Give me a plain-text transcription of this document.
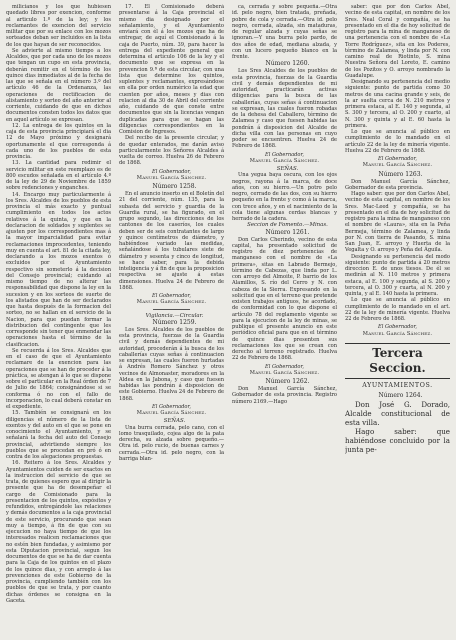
milicianos y los que hubiesen quedado libres por exencion, conforme al articulo 1.º de la ley; y los reclamantes de exencion del servicio militar que por su enlace con los mozos sorteados deban ser incluidos en la lista de los que hayan de ser reconocidos.

Se advierte al mismo tiempo a los Alcaldes, que por cada uno de los mozos que tengan un cupo en esta provincia, deberán remitir en el término de los quince dias inmediatos al de la fecha de las que se señala en el número 3.º del artículo 46 de la Ordenanza, las operaciones de rectificacion de alistamiento y sorteo del año anterior al corriente, cuidando de que en dichos documentos consten todos los datos que en aquel artículo se expresan.

12. La entrega de los quintos en la caja de esta provincia principiará el dia 12 de Mayo próximo y designará oportunamente el que corresponda á cada uno de los pueblos de esta provincia.

13. La cantidad para redimir el servicio militar en este reemplazo es de 800 escudos señalada en el artículo 4.º de la ley de 29 de Noviembre de 1859 sobre redenciones y enganches.

14. Encargo muy particularmente á los Sres. Alcaldes de los pueblos de esta provincia el más exacto y puntual cumplimiento en todos los actos relativos á la quinta, y que en la declaracion de soldados y suplentes se ajusten por los correspondientes mas á la mayor imparcialidad para evitar reclamaciones improcedentes, teniendo muy en cuenta el art. 81 de la citada ley, declarando a los mozos exentos ó excluidos por el Ayuntamiento respectivo sin someterlo á la decision del Consejo provincial; cuidando al mismo tiempo de no alterar las responsabilidad que dispone la ley en la sucesion y en los sorteos de suerte de los alistados que han de ser declarados que hasta después de la formacion del sorteo, no se hallan en el servicio de la Nacion, para que puedan formar la distribucion del contingente que les corresponde sin tener que enmendar las operaciones hasta el término de la clasificacion.

Se recuerda á los Sres. Alcaldes que en el caso de que el Ayuntamiento reclamare de la exencion para las operaciones que se han de proceder á la práctica, se atengan á lo que se dispone sobre el particular en la Real órden de 7 de Julio de 1864; consignándose si se conforma ó no con el fallo de incorporacion, lo cual deberá constar en el expediente.

15. También se consignará en los diligencias el número de la lista de exentos y del auto en el que se pone en conocimiento el Ayuntamiento, y se señalará la fecha del auto del Consejo provincial, advirtiendo siempre los pueblos que se procedan en pró ó en contra de los alegaciones propuestas.

16. Reitero á los Sres. Alcaldes y Ayuntamientos cuiden de ser exactos en la instruccion del servicio de que se trata, de quienes espero que al dirigir la presente que ha de desempeñar el cargo de Comisionado para la presentacion de los quintos, expósitos y refundidos, entregándole las relaciones y demás documentos a la caja provincial de este servicio, procurando que sean muy a tiempo, á fin de que con su ejecucion no haya tiempo de que los interesados realicen reclamaciones que no estén bien fundadas, y asimismo por esta Diputacion provincial, segun los documentos de que se ha de dar cuenta para la Caja de los quintos en el plazo de los quince dias, y con arreglo á las prevenciones de este Gobierno de la provincia, cumpliendo también con los pueblos de que se trata, y por cuanto dichas órdenes se consigna en la Gaceta.

17. El Comisionado deberá presentarse á la Caja provincial el mismo dia designado por el señalamiento, y el Ayuntamiento enviará con él á los mozos que ha de entregar, de aquí el Comisionado á la caja de Puerto, núm. 39, para hacer la entrega del expediente general que determina el artículo 106 de la ley y el documento que se expresa en la prevencion 9.ª de esta circular, con una lista que determine los quintos, suplentes y reclamantes, expresándose en ella por orden numérico la edad que cuenten por años, meses y dias con relacion al dia 30 de Abril del corriente año, cuidando de que conste entre documentos que sin la licencias vengan duplicadas para que se hagan las diligencias correspondientes en la Comision de Ingresos.

Del recibo de la presente circular, y de quedar enterados, me darán aviso particularmente los Señores Alcaldes á vuelta de correo. Huelva 26 de Febrero de 1868.

El Gobernador,
Manuel García Sánchez.

Número 1258.

En el anuncio inserto en el Boletín del 21 del corriente, núm. 135, para la subasta del servicio y guardia de la Guardia rural, se ha figurado, en el grupo segundo, las direcciones de los cantones de los caseríos, los cuales deben ser de seis contratantes de largo y quince centímetros de diámetro, y habiéndose variado las medidas, señalándose á los tubulares siete de diámetro y sesenta y cinco de longitud, se hace saber, para la debida inteligencia y á fin de que la proposicion respectiva se ajuste á estas dimensiones. Huelva 24 de Febrero de 1868.

El Gobernador,
Manuel García Sánchez.

Vigilancia.—Circular.

Número 1259.

Los Sres. Alcaldes de los pueblos de esta provincia, fuerzas de la Guardia civil y demás dependientes de mi autoridad, procederán á la busca de los caballerías cuyas señas á continuacion se expresan, las cuales fueron hurtadas á Andrés Romero Sánchez y otros vecinos de Almonaster, moradores en la Aldea en la Jabona, y caso que fuesen habidas las pondrán á disposicion de este Gobierno. Huelva 24 de Febrero de 1868.

El Gobernador,
Manuel García Sánchez.

SEÑAS.

Una burra cerrada, pelo cano, con el lomo trasquilado, cojea algo de la pata derecha, su alzada sobre pequeño.—Otra id. pelo rucio, de buenas carnes y cerrada.—Otra id. pelo negro, con la barriga blan-

ca, cerrada y sobre pequeña.—Otra id. pelo negro, bien tratada, preñada, pobre de cola y cerrada.—Otra id. pelo negro, cerrada, alzada, sin mataduras, de regular alzada y cuyas señas se ignoran.—Y una burra pelo pardo, de dos años de edad, mediana alzada, y con un lucero pequeño blanco en la frente.

Número 1260.

Los Sres Alcaldes de los pueblos de esta provincia, fuerzas de la Guardia civil y demás dependientes de mi autoridad, practicarán activas diligencias para la busca de las caballerías, cuyas señas á continuacion se expresan, las cuales fueron robadas de la dehesa del Caballero, término de Zalamea y caso que fuesen habidas las pondrán á disposicion del Alcalde de dicha villa con las personas en cuyo poder se encuentren. Huelva 24 de Febrero de 1868.

El Gobernador,
Manuel García Sánchez.

SEÑAS.

Una yegua baya oscura, con los ojos negros, rayona á la marca, de doce años, con su hierro.—Un potro pelo negro, cerrado de las dos, con su hierro pequeño en la frente y como á la marca, con trece años, y en el nacimiento de la cola tiene algunas cerdas blancas y herrado de la cadera.

Seccion de Fomento.—Minas.

Número 1261.

Don Carlos Cherindo, vecino de esta capital, ha presentado solicitud de registro de diez pertenencias de manganeso con el nombre de «La primera», sitas en Labrado Bermejo, término de Cabezas, que linda por L. con arroyo del Almoite, P. barrio de los Alamillos, S. río del Cerro y N. con cabeza de la Sierra. Expresando en la solicitud que en el terreno que pretende existen trabajos antiguos, he acordado, de conformidad con lo que dispone el artículo 78 del reglamento vigente se para la ejecucion de la ley de minas, se publique el presente anuncio en este periódico oficial para que en el término de quince dias presenten sus reclamaciones los que se crean con derecho al terreno registrado. Huelva 22 de Febrero de 1868.

El Gobernador,
Manuel García Sánchez.

Número 1262.

Don Manuel García Sánchez, Gobernador de esta provincia. Registro número 2169.—Hago

saber: que por don Carlos Abel, vecino de esta capital, en nombre de los Sres. Neal Coral y compañía, se ha presentado en el dia de hoy solicitud de registro para la mina de manganeso de una pertenencia con el nombre de «La Torre Rodríguez», sita en los Poderes, término de Zalamea, y linda por N. con camino real de Riotinto, S. mina Nuestra Señora del Loreto, E. camino de los Pozitos y O. arroyo nombrado la Guadalupe.

Designando su pertenencia del medio siguiente: punto de partida como 30 metros de una cacina grande y seis, de la ar suelta cerca de N. 210 metros y primera estaca, al E. 140 y segunda, al S. 300 y tercera, al O. 200 y cuarto, al N. 300 y quinta y al E. 60 hasta la primera.

Lo que se anuncia al público en cumplimiento de lo mandado en el artículo 22 de la ley de minería vigente. Huelva 22 de Febrero de 1868.

El Gobernador,
Manuel García Sánchez.

Número 1263.

Don Manuel García Sánchez, Gobernador de esta provincia.

Hago saber: que por don Carlos Abel, vecino de esta capital, en nombre de los Sres. Mac-Leed y compañía, se ha presentado en el dia de hoy solicitud de registro para la mina de manganeso con el nombre de «Laura», sita en la Peña Bermeja, término de Zalamea, y linda por N. con tierra de Pasando, S. mina San Juan, E. arroyo y Huerta de la Vegalta y O. arroyo y Peña del Águila.

Designando su pertenencia del modo siguiente: punto de partida á 20 metros direccion E. de unos tiesos. De él se medirán al N. 110 metros y primera estaca, al E. 100 y segunda, al S. 200 y tercera, al O. 300 y cuarta, al N. 200 y quinta, y al E. 140 hasta la primera.

Lo que se anuncia al público en cumplimiento de lo mandado en el art. 22 de la ley de minería vigente. Huelva 22 de Febrero de 1868.

El Gobernador,
Manuel García Sánchez.
Tercera Seccion.
AYUNTAMIENTOS.

Número 1264.

Don José G. Dorado, Alcalde constitucional de esta villa.

Hago saber: que habiéndose concluido por la junta pe-
